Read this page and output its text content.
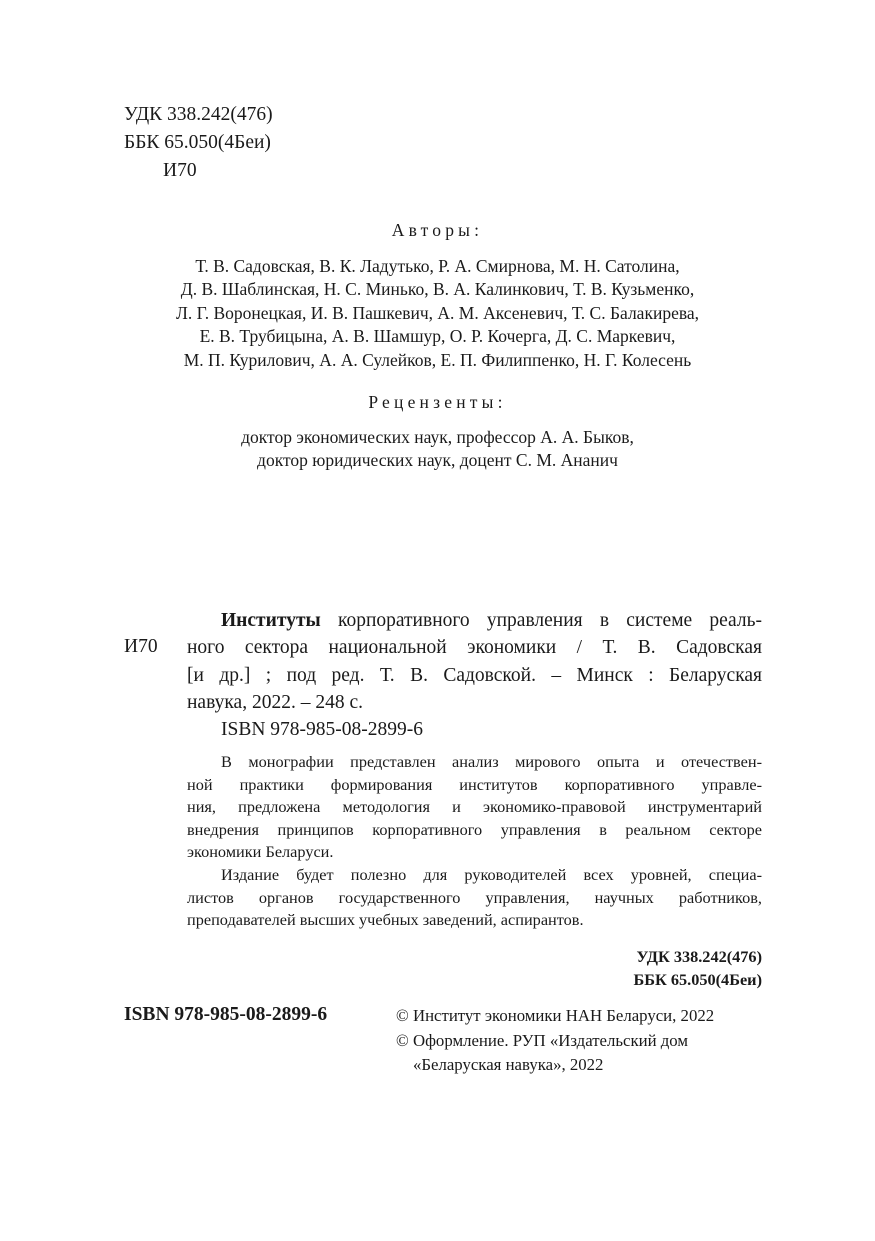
УДК 338.242(476)
ББК 65.050(4Беи)
И70
Авторы:
Т. В. Садовская, В. К. Ладутько, Р. А. Смирнова, М. Н. Сатолина,
Д. В. Шаблинская, Н. С. Минько, В. А. Калинкович, Т. В. Кузьменко,
Л. Г. Воронецкая, И. В. Пашкевич, А. М. Аксеневич, Т. С. Балакирева,
Е. В. Трубицына, А. В. Шамшур, О. Р. Кочерга, Д. С. Маркевич,
М. П. Курилович, А. А. Сулейков, Е. П. Филиппенко, Н. Г. Колесень
Рецензенты:
доктор экономических наук, профессор А. А. Быков,
доктор юридических наук, доцент С. М. Ананич
И70
Институты корпоративного управления в системе реаль-
ного сектора национальной экономики / Т. В. Садовская
[и др.] ; под ред. Т. В. Садовской. – Минск : Беларуская
навука, 2022. – 248 с.
ISBN 978-985-08-2899-6
В монографии представлен анализ мирового опыта и отечествен-
ной практики формирования институтов корпоративного управле-
ния, предложена методология и экономико-правовой инструментарий
внедрения принципов корпоративного управления в реальном секторе
экономики Беларуси.
Издание будет полезно для руководителей всех уровней, специа-
листов органов государственного управления, научных работников,
преподавателей высших учебных заведений, аспирантов.
УДК 338.242(476)
ББК 65.050(4Беи)
ISBN 978-985-08-2899-6	© Институт экономики НАН Беларуси, 2022
© Оформление. РУП «Издательский дом
«Беларуская навука», 2022
